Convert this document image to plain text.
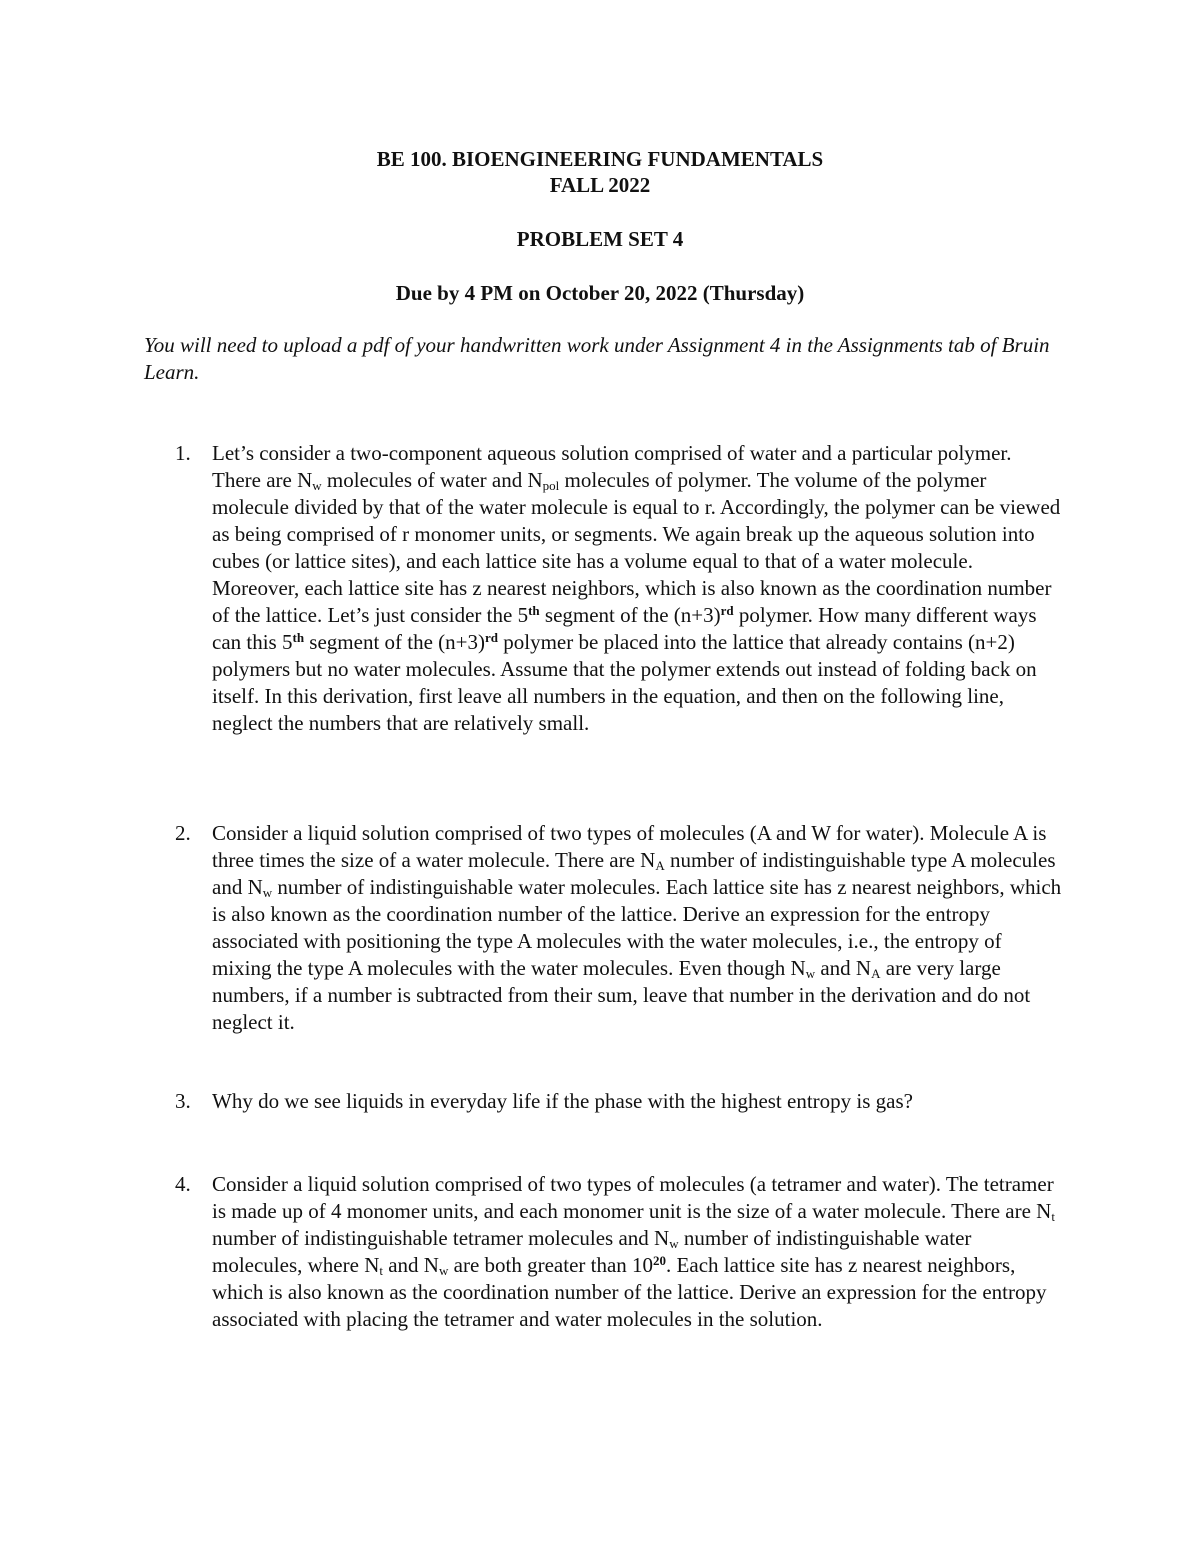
BE 100. BIOENGINEERING FUNDAMENTALS
FALL 2022
PROBLEM SET 4
Due by 4 PM on October 20, 2022 (Thursday)
You will need to upload a pdf of your handwritten work under Assignment 4 in the Assignments tab of Bruin Learn.
1. Let’s consider a two-component aqueous solution comprised of water and a particular polymer. There are $N_w$ molecules of water and $N_{pol}$ molecules of polymer. The volume of the polymer molecule divided by that of the water molecule is equal to r. Accordingly, the polymer can be viewed as being comprised of r monomer units, or segments. We again break up the aqueous solution into cubes (or lattice sites), and each lattice site has a volume equal to that of a water molecule. Moreover, each lattice site has z nearest neighbors, which is also known as the coordination number of the lattice. Let’s just consider the 5th segment of the $(n+3)^{rd}$ polymer. How many different ways can this 5th segment of the $(n+3)^{rd}$ polymer be placed into the lattice that already contains (n+2) polymers but no water molecules. Assume that the polymer extends out instead of folding back on itself. In this derivation, first leave all numbers in the equation, and then on the following line, neglect the numbers that are relatively small.
2. Consider a liquid solution comprised of two types of molecules (A and W for water). Molecule A is three times the size of a water molecule. There are $N_A$ number of indistinguishable type A molecules and $N_w$ number of indistinguishable water molecules. Each lattice site has z nearest neighbors, which is also known as the coordination number of the lattice. Derive an expression for the entropy associated with positioning the type A molecules with the water molecules, i.e., the entropy of mixing the type A molecules with the water molecules. Even though $N_w$ and $N_A$ are very large numbers, if a number is subtracted from their sum, leave that number in the derivation and do not neglect it.
3. Why do we see liquids in everyday life if the phase with the highest entropy is gas?
4. Consider a liquid solution comprised of two types of molecules (a tetramer and water). The tetramer is made up of 4 monomer units, and each monomer unit is the size of a water molecule. There are $N_t$ number of indistinguishable tetramer molecules and $N_w$ number of indistinguishable water molecules, where $N_t$ and $N_w$ are both greater than $10^{20}$. Each lattice site has z nearest neighbors, which is also known as the coordination number of the lattice. Derive an expression for the entropy associated with placing the tetramer and water molecules in the solution.
